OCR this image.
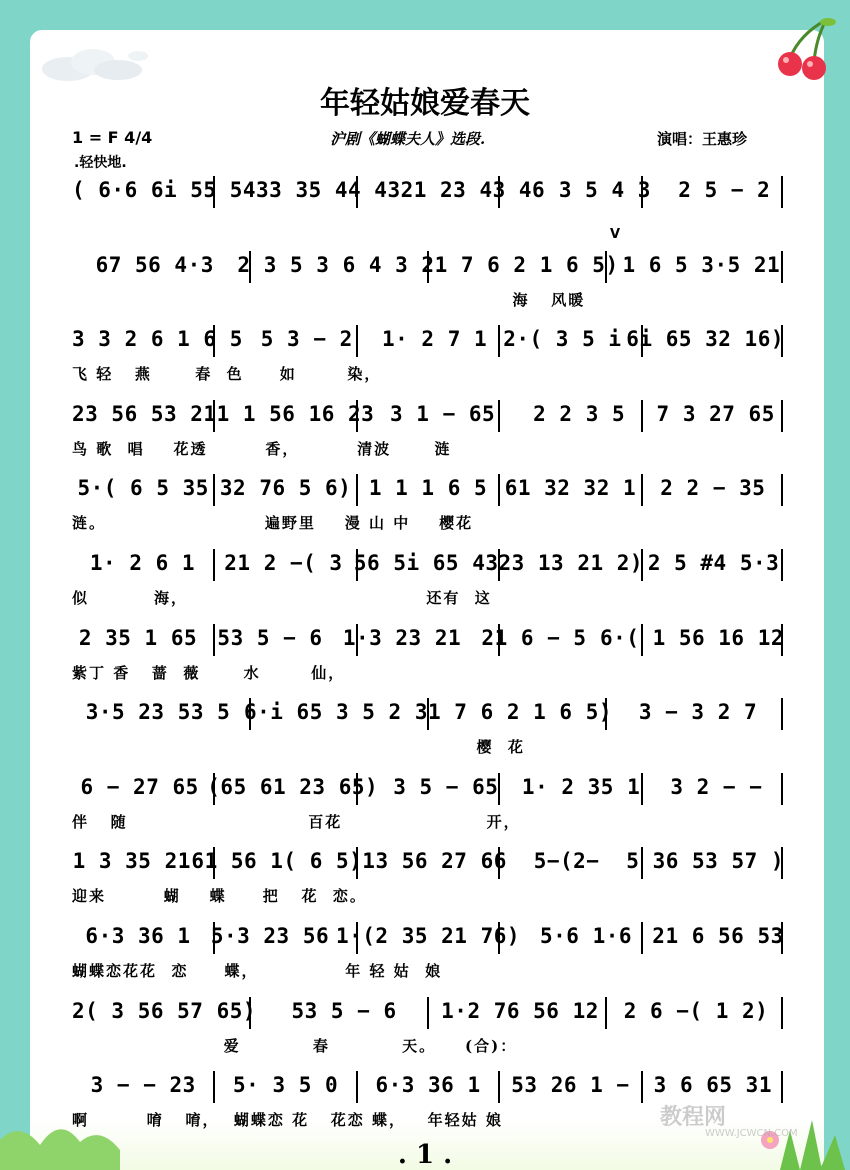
年轻姑娘爱春天
1 = F 4/4	沪剧《蝴蝶夫人》选段.	演唱：王惠珍
.轻快地.
( 6·6 6i 55 54 33 35 44 43 21 23 43 46 3 5 4 3	2 5 − 2
67 56 4·3	2 3 5 3 6 4 3 2 1 7 6 2 1 6 5) 1 6 5 3·5 21
海   风暖
V
3 3 2 6 1 6 5 5 3 − 2	1· 2 7 1 2·( 3 5 i 6i 65 32 16)
飞 轻   燕      春  色     如       染，
23 56 53 21 1 1 56 16 23 3 1 − 65	2 2 3 5	7 3 27 65
鸟 歌  唱    花透        香，        清波      涟
5·( 6 5 35 32 76 5 6) 1 1 1 6 5 61 32 32 1	2 2 − 35
涟。                      遍野里    漫 山 中    樱花
1· 2 6 1	21 2 −( 3 56 5i 65 43 23 13 21 2) 2 5 #4 5·3
似         海，                                 还有  这
2 35 1 65 53 5 − 6 1·3 23 21 21 6 − 5 6·( 1 56 16 12
紫丁 香   蔷  薇      水       仙，
3·5 23 53 5 6·i 65 3 5 2 3 1 7 6 2 1 6 5)	3 − 3 2 7
樱  花
6 − 27 65 (65 61 23 65) 3 5 − 65	1· 2 35 1	3 2 − −
伴   随                         百花                    开，
1 3 35 21 61 56 1( 6 5) 13 56 27 66	5−(2−	5 36 53 57 )
迎来        蝴    蝶     把   花  恋。
6·3 36 1 5·3 23 56 1·(2 35 21 76) 5·6 1·6 21 6 56 53
蝴蝶恋花花  恋     蝶，            年 轻 姑  娘
2( 3 56 57 65)	53 5 − 6	1·2 76 56 12	2 6 −( 1 2)
爱          春          天。    (合)：
3 − − 23	5· 3 5 0	6·3 36 1	53 26 1 −	3 6 65 31
啊        唷   唷，  蝴蝶恋 花   花恋 蝶，   年轻姑 娘	教程网
WWW.JCWCN.COM
. 1 .
